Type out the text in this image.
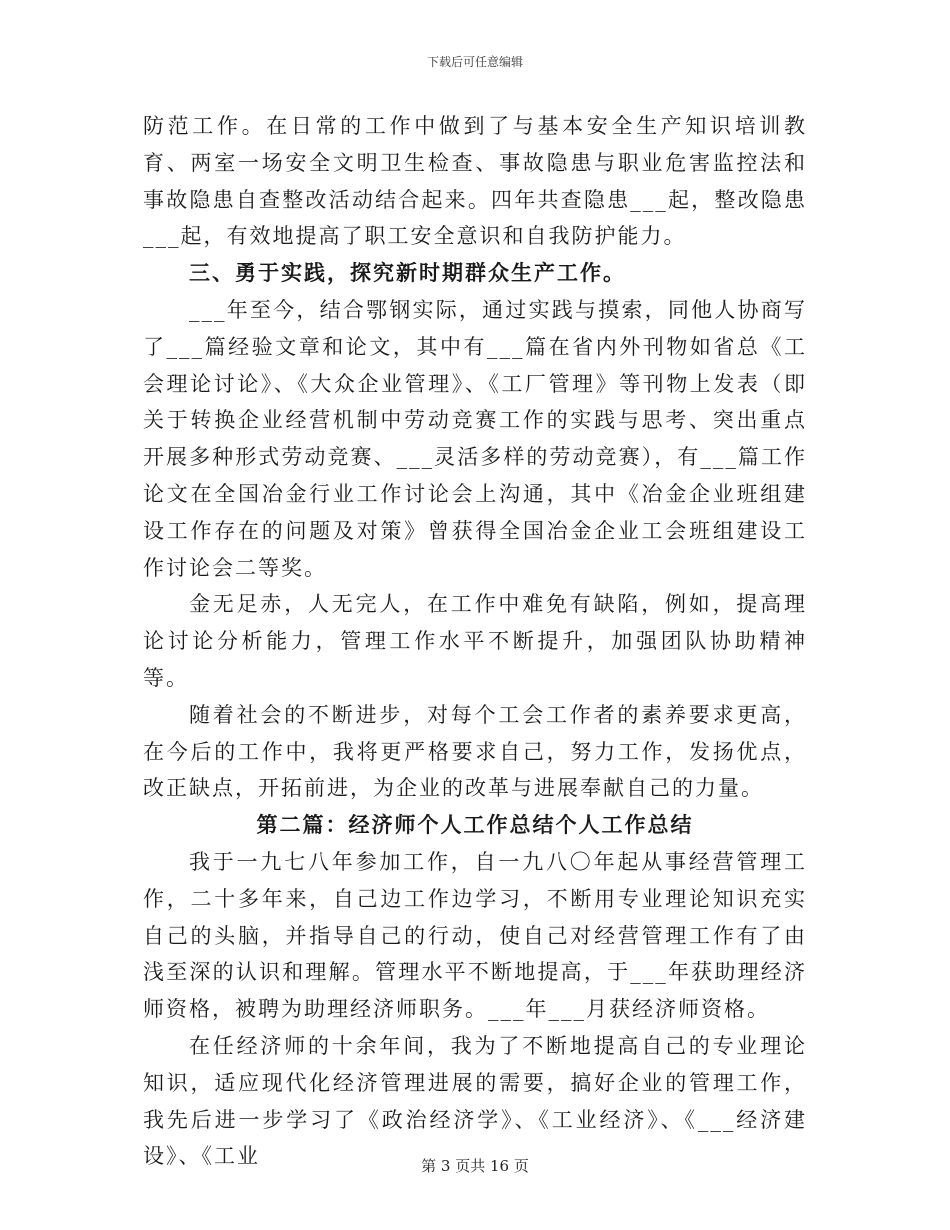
下载后可任意编辑

防范工作。在日常的工作中做到了与基本安全生产知识培训教育、两室一场安全文明卫生检查、事故隐患与职业危害监控法和事故隐患自查整改活动结合起来。四年共查隐患___起，整改隐患___起，有效地提高了职工安全意识和自我防护能力。

三、勇于实践，探究新时期群众生产工作。

___年至今，结合鄂钢实际，通过实践与摸索，同他人协商写了___篇经验文章和论文，其中有___篇在省内外刊物如省总《工会理论讨论》、《大众企业管理》、《工厂管理》等刊物上发表（即关于转换企业经营机制中劳动竞赛工作的实践与思考、突出重点开展多种形式劳动竞赛、___灵活多样的劳动竞赛），有___篇工作论文在全国冶金行业工作讨论会上沟通，其中《冶金企业班组建设工作存在的问题及对策》曾获得全国冶金企业工会班组建设工作讨论会二等奖。

金无足赤，人无完人，在工作中难免有缺陷，例如，提高理论讨论分析能力，管理工作水平不断提升，加强团队协助精神等。

随着社会的不断进步，对每个工会工作者的素养要求更高，在今后的工作中，我将更严格要求自己，努力工作，发扬优点，改正缺点，开拓前进，为企业的改革与进展奉献自己的力量。

第二篇：经济师个人工作总结个人工作总结

我于一九七八年参加工作，自一九八〇年起从事经营管理工作，二十多年来，自己边工作边学习，不断用专业理论知识充实自己的头脑，并指导自己的行动，使自己对经营管理工作有了由浅至深的认识和理解。管理水平不断地提高，于___年获助理经济师资格，被聘为助理经济师职务。___年___月获经济师资格。

在任经济师的十余年间，我为了不断地提高自己的专业理论知识，适应现代化经济管理进展的需要，搞好企业的管理工作，我先后进一步学习了《政治经济学》、《工业经济》、《___经济建设》、《工业	第 3 页共 16 页
